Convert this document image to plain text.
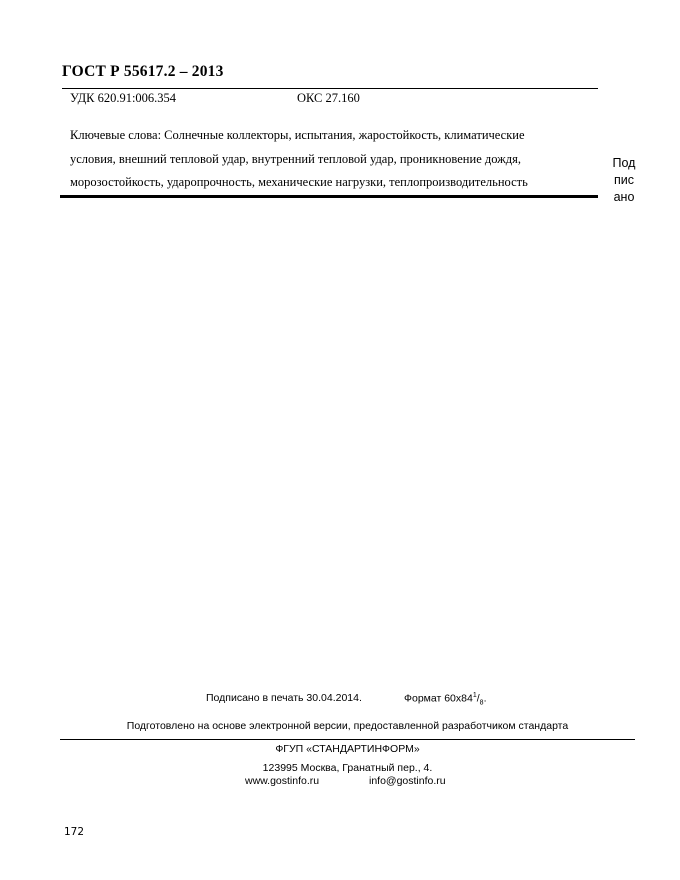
ГОСТ Р 55617.2 – 2013
УДК 620.91:006.354	ОКС 27.160
Ключевые слова: Солнечные коллекторы, испытания, жаростойкость, климатические
условия, внешний тепловой удар, внутренний тепловой удар, проникновение дождя,
морозостойкость, ударопрочность, механические нагрузки, теплопроизводительность
Под
пис
ано
Подписано в печать 30.04.2014.	Формат $60x84^1/_8$.
Подготовлено на основе электронной версии, предоставленной разработчиком стандарта
ФГУП «СТАНДАРТИНФОРМ»
123995 Москва, Гранатный пер., 4.
www.gostinfo.ru	info@gostinfo.ru
172
